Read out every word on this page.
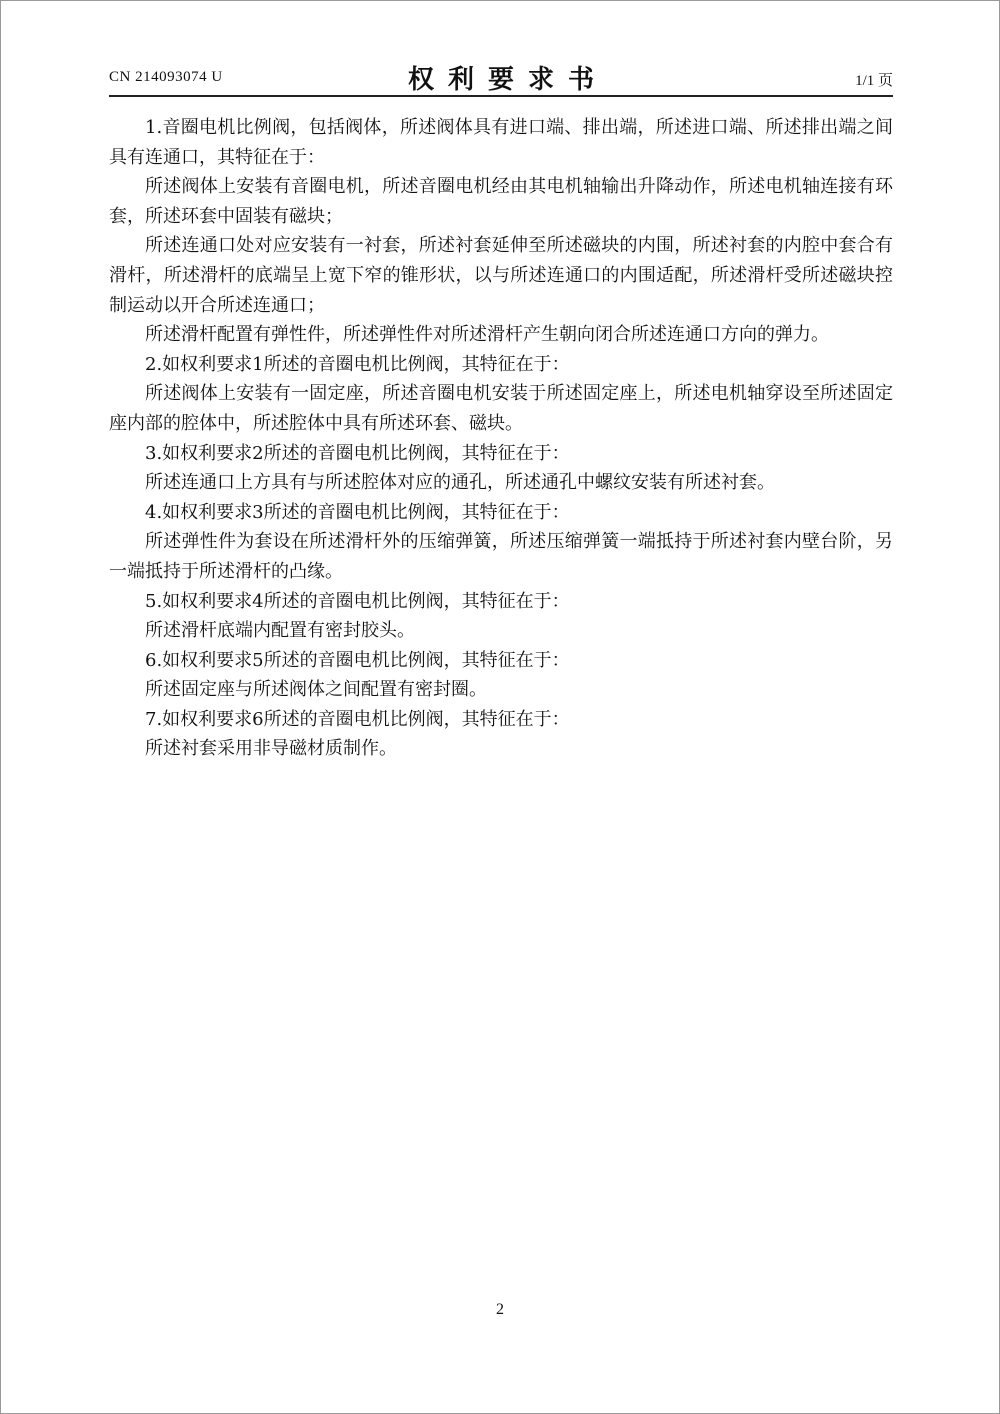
CN 214093074 U	权利要求书	1/1 页

1.音圈电机比例阀，包括阀体，所述阀体具有进口端、排出端，所述进口端、所述排出端之间具有连通口，其特征在于：

所述阀体上安装有音圈电机，所述音圈电机经由其电机轴输出升降动作，所述电机轴连接有环套，所述环套中固装有磁块；

所述连通口处对应安装有一衬套，所述衬套延伸至所述磁块的内围，所述衬套的内腔中套合有滑杆，所述滑杆的底端呈上宽下窄的锥形状，以与所述连通口的内围适配，所述滑杆受所述磁块控制运动以开合所述连通口；

所述滑杆配置有弹性件，所述弹性件对所述滑杆产生朝向闭合所述连通口方向的弹力。

2.如权利要求1所述的音圈电机比例阀，其特征在于：

所述阀体上安装有一固定座，所述音圈电机安装于所述固定座上，所述电机轴穿设至所述固定座内部的腔体中，所述腔体中具有所述环套、磁块。

3.如权利要求2所述的音圈电机比例阀，其特征在于：

所述连通口上方具有与所述腔体对应的通孔，所述通孔中螺纹安装有所述衬套。

4.如权利要求3所述的音圈电机比例阀，其特征在于：

所述弹性件为套设在所述滑杆外的压缩弹簧，所述压缩弹簧一端抵持于所述衬套内壁台阶，另一端抵持于所述滑杆的凸缘。

5.如权利要求4所述的音圈电机比例阀，其特征在于：

所述滑杆底端内配置有密封胶头。

6.如权利要求5所述的音圈电机比例阀，其特征在于：

所述固定座与所述阀体之间配置有密封圈。

7.如权利要求6所述的音圈电机比例阀，其特征在于：

所述衬套采用非导磁材质制作。

2
